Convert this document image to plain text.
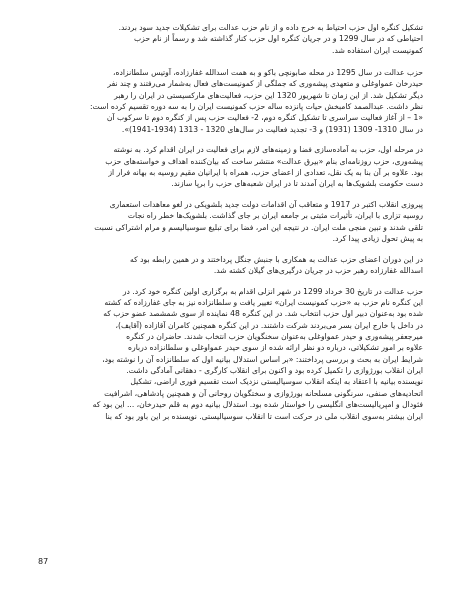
تشکیل کنگره اول حزب احتیاط به خرج داده و از نام حزب عدالت برای تشکیلات جدید سود بردند.
احتیاطی که در سال 1299 و در جریان کنگره اول حزب کنار گذاشته شد و رسماً از نام حزب
کمونیست ایران استفاده شد.

حزب عدالت در سال 1295 در محله صابونچی باکو و به همت اسدالله غفارزاده، آوتیس سلطانزاده،
حیدرخان عمواوغلی و متعهدی پیشه‌وری که جملگی از کمونیست‌های فعال به‌شمار می‌رفتند و چند نفر
دیگر تشکیل شد. از این زمان تا شهریور 1320 این حزب، فعالیت‌های مارکسیستی در ایران را رهبر
نظر داشت. عبدالصمد کامبخش حیات پانزده ساله حزب کمونیست ایران را به سه دوره تقسیم کرده است:
«1 – از آغاز فعالیت سراسری تا تشکیل کنگره دوم، 2- فعالیت حزب پس از کنگره دوم تا سرکوب آن
در سال 1310- 1309 (1931) و 3- تجدید فعالیت در سال‌های 1320 - 1313 (1934-1941)».

در مرحله اول، حزب به آماده‌سازی فضا و زمینه‌های لازم برای فعالیت در ایران اقدام کرد. به نوشته
پیشه‌وری، حزب روزنامه‌ای بنام «بیرق عدالت» منتشر ساخت که بیان‌کننده اهداف و خواسته‌های حزب
بود. علاوه بر آن بنا به یک نقل، تعدادی از اعضای حزب، همراه با ایرانیان مقیم روسیه به بهانه فرار از
دست حکومت بلشویک‌ها به ایران آمدند تا در ایران شعبه‌های حزب را برپا سازند.

پیروزی انقلاب اکتبر در 1917 و متعاقب آن اقدامات دولت جدید بلشویکی در لغو معاهدات استعماری
روسیه تزاری با ایران، تأثیرات مثبتی بر جامعه ایران بر جای گذاشت. بلشویک‌ها خطر راه نجات
تلقی شدند و تبین منجی ملت ایران. در نتیجه این امر، فضا برای تبلیغ سوسیالیسم و مرام اشتراکی نسبت
به پیش تحول زیادی پیدا کرد.

در این دوران اعضای حزب عدالت به همکاری با جنبش جنگل پرداختند و در همین رابطه بود که
اسدالله غفارزاده رهبر حزب در جریان درگیری‌های گیلان کشته شد.

حزب عدالت در تاریخ 30 خرداد 1299 در شهر انزلی اقدام به برگزاری اولین کنگره خود کرد. در
این کنگره نام حزب به «حزب کمونیست ایران» تغییر یافت و سلطانزاده نیز به جای غفارزاده که کشته
شده بود به‌عنوان دبیر اول حزب انتخاب شد. در این کنگره 48 نماینده از سوی شمشصد عضو حزب که
در داخل یا خارج ایران بسر می‌بردند شرکت داشتند. در این کنگره همچنین کامران آقازاده (آقایف)،
میرجعفر پیشه‌وری و حیدر عمواوغلی به‌عنوان سخنگویان حزب انتخاب شدند. حاضران در کنگره
علاوه بر امور تشکیلاتی، درباره دو نظر ارائه شده از سوی حیدر عمواوغلی و سلطانزاده درباره
شرایط ایران به بحث و بررسی پرداختند: «بر اساس استدلال بیانیه اول که سلطانزاده آن را نوشته بود،
ایران انقلاب بورژوازی را تکمیل کرده بود و اکنون برای انقلاب کارگری - دهقانی آمادگی داشت.
نویسنده بیانیه با اعتقاد به اینکه انقلاب سوسیالیستی نزدیک است تقسیم فوری اراضی، تشکیل
اتحادیه‌های صنفی، سرنگونی مسلحانه بورژوازی و سختگویان روحانی آن و همچنین پادشاهی، اشرافیت
فئودال و امپریالیست‌های انگلیسی را خواستار شده بود. استدلال بیانیه دوم به قلم حیدرخان، ... این بود که
ایران بیشتر به‌سوی انقلاب ملی در حرکت است تا انقلاب سوسیالیستی. نویسنده بر این باور بود که بنا

87
